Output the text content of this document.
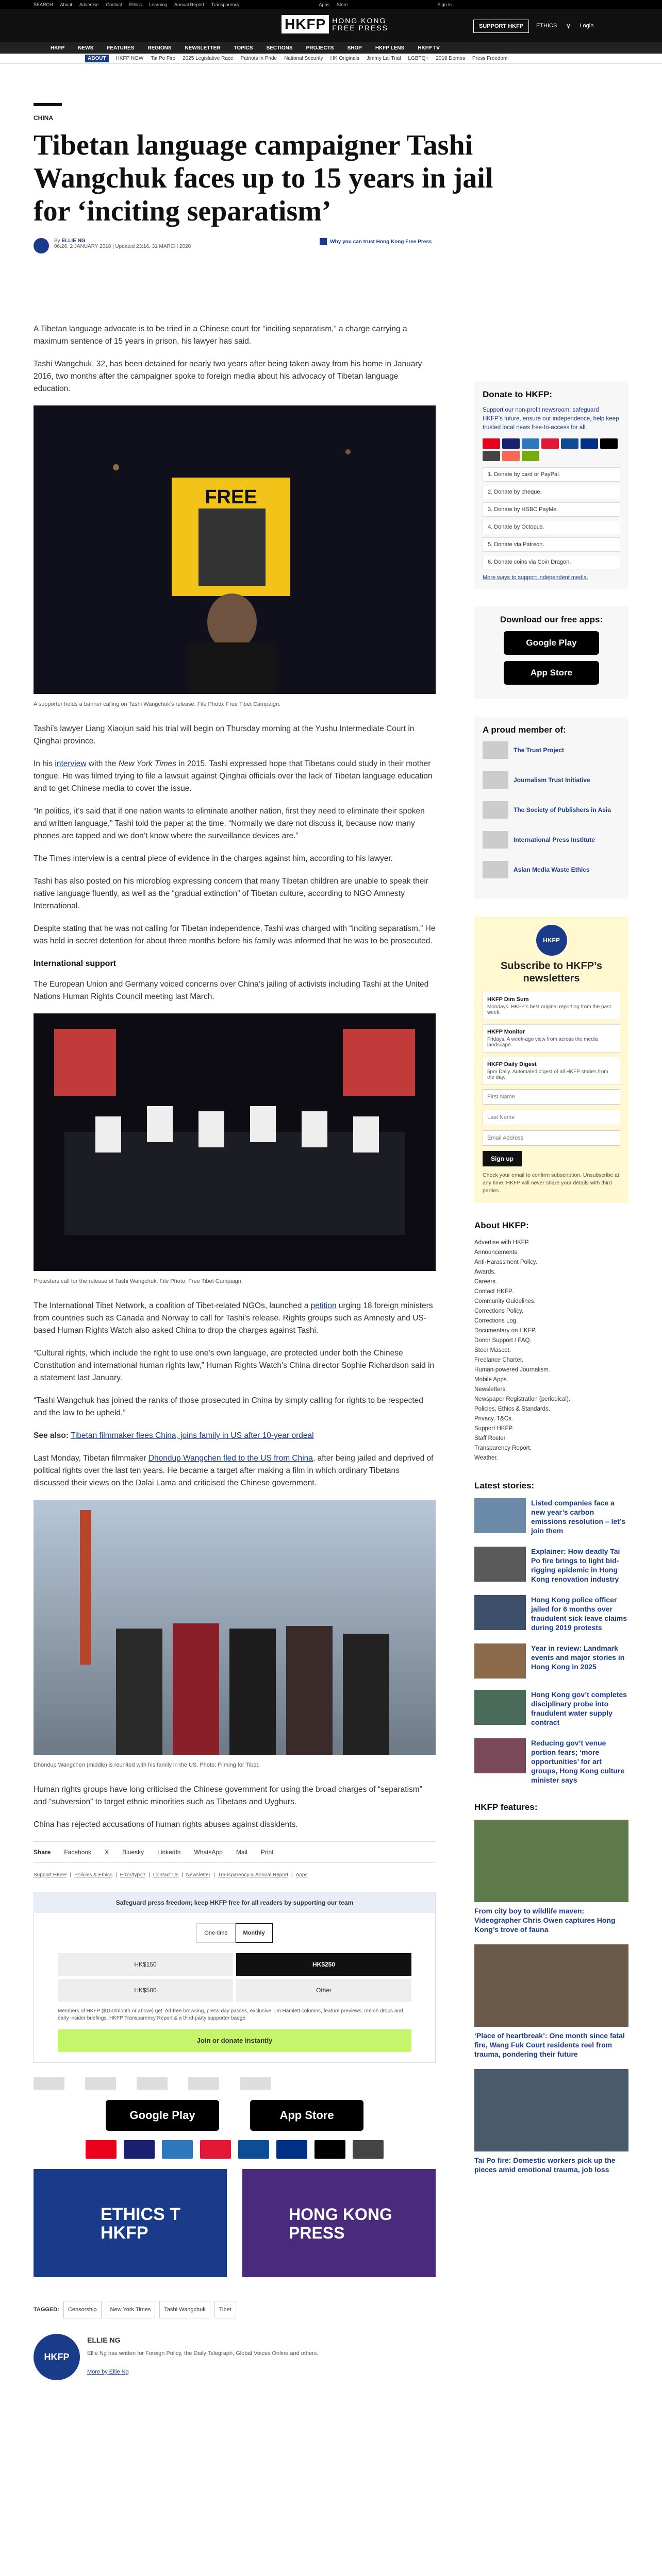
SEARCH About Advertise Contact Ethics Learning Annual Report Transparency	Apps Store	Sign in
HKFP HONG KONG
FREE PRESS	SUPPORT HKFP	ETHICS ⚲ Login
HKFP	NEWS	FEATURES	REGIONS	NEWSLETTER	TOPICS	SECTIONS	PROJECTS	SHOP	HKFP LENS	HKFP TV
ABOUT	HKFP NOW Tai Po Fire 2025 Legislative Race Patriots in Pride National Security HK Originals Jimmy Lai Trial LGBTQ+ 2019 Demos Press Freedom
CHINA
Tibetan language campaigner Tashi Wangchuk faces up to 15 years in jail for ‘inciting separatism’
By ELLIE NG
06:26, 2 JANUARY 2018 | Updated 23:16, 31 MARCH 2020
Why you can trust Hong Kong Free Press

A Tibetan language advocate is to be tried in a Chinese court for “inciting separatism,” a charge carrying a maximum sentence of 15 years in prison, his lawyer has said.

Tashi Wangchuk, 32, has been detained for nearly two years after being taken away from his home in January 2016, two months after the campaigner spoke to foreign media about his advocacy of Tibetan language education.

FREE
A supporter holds a banner calling on Tashi Wangchuk’s release. File Photo: Free Tibet Campaign.

Tashi’s lawyer Liang Xiaojun said his trial will begin on Thursday morning at the Yushu Intermediate Court in Qinghai province.

In his interview with the New York Times in 2015, Tashi expressed hope that Tibetans could study in their mother tongue. He was filmed trying to file a lawsuit against Qinghai officials over the lack of Tibetan language education and to get Chinese media to cover the issue.

“In politics, it’s said that if one nation wants to eliminate another nation, first they need to eliminate their spoken and written language,” Tashi told the paper at the time. “Normally we dare not discuss it, because now many phones are tapped and we don’t know where the surveillance devices are.”

The Times interview is a central piece of evidence in the charges against him, according to his lawyer.

Tashi has also posted on his microblog expressing concern that many Tibetan children are unable to speak their native language fluently, as well as the “gradual extinction” of Tibetan culture, according to NGO Amnesty International.

Despite stating that he was not calling for Tibetan independence, Tashi was charged with “inciting separatism.” He was held in secret detention for about three months before his family was informed that he was to be prosecuted.

International support

The European Union and Germany voiced concerns over China’s jailing of activists including Tashi at the United Nations Human Rights Council meeting last March.

Protesters call for the release of Tashi Wangchuk. File Photo: Free Tibet Campaign.

The International Tibet Network, a coalition of Tibet-related NGOs, launched a petition urging 18 foreign ministers from countries such as Canada and Norway to call for Tashi’s release. Rights groups such as Amnesty and US-based Human Rights Watch also asked China to drop the charges against Tashi.

“Cultural rights, which include the right to use one’s own language, are protected under both the Chinese Constitution and international human rights law,” Human Rights Watch’s China director Sophie Richardson said in a statement last January.

“Tashi Wangchuk has joined the ranks of those prosecuted in China by simply calling for rights to be respected and the law to be upheld.”

See also: Tibetan filmmaker flees China, joins family in US after 10-year ordeal

Last Monday, Tibetan filmmaker Dhondup Wangchen fled to the US from China, after being jailed and deprived of political rights over the last ten years. He became a target after making a film in which ordinary Tibetans discussed their views on the Dalai Lama and criticised the Chinese government.

Dhondup Wangchen (middle) is reunited with his family in the US. Photo: Filming for Tibet.

Human rights groups have long criticised the Chinese government for using the broad charges of “separatism” and “subversion” to target ethnic minorities such as Tibetans and Uyghurs.

China has rejected accusations of human rights abuses against dissidents.

Share Facebook X Bluesky LinkedIn WhatsApp Mail Print
Support HKFP | Policies & Ethics | Error/typo? | Contact Us | Newsletter | Transparency & Annual Report | Apps
Safeguard press freedom; keep HKFP free for all readers by supporting our team
One-time	Monthly
HK$150	HK$250
HK$500	Other
Members of HKFP ($150/month or above) get: Ad-free browsing, press-day passes, exclusive Tim Hamlett columns, feature previews, merch drops and early insider briefings. HKFP Transparency Report & a third-party supporter badge.
Join or donate instantly
Google Play	App Store
ETHICS T HKFP
HONG KONG PRESS
TAGGED:	Censorship	New York Times	Tashi Wangchuk	Tibet
HKFP
ELLIE NG

Ellie Ng has written for Foreign Policy, the Daily Telegraph, Global Voices Online and others.

More by Ellie Ng

Donate to HKFP:

Support our non-profit newsroom: safeguard HKFP’s future, ensure our independence, help keep trusted local news free-to-access for all.

1. Donate by card or PayPal.
2. Donate by cheque.
3. Donate by HSBC PayMe.
4. Donate by Octopus.
5. Donate via Patreon.
6. Donate coins via Coin Dragon.

More ways to support independent media.

Download our free apps:
Google Play
App Store
A proud member of:
The Trust Project
Journalism Trust Initiative
The Society of Publishers in Asia
International Press Institute
Asian Media Waste Ethics
HKFP
Subscribe to HKFP’s newsletters
HKFP Dim Sum
Mondays. HKFP’s best original reporting from the past week.
HKFP Monitor
Fridays. A week-ago view from across the media landscape.
HKFP Daily Digest
5pm Daily. Automated digest of all HKFP stories from the day.
First Name
Last Name
Email Address Sign up

Check your email to confirm subscription. Unsubscribe at any time. HKFP will never share your details with third parties.

About HKFP:
Advertise with HKFP.
Announcements.
Anti-Harassment Policy.
Awards.
Careers.
Contact HKFP.
Community Guidelines.
Corrections Policy.
Corrections Log.
Documentary on HKFP.
Donor Support / FAQ.
Steer Mascot.
Freelance Charter.
Human-powered Journalism.
Mobile Apps.
Newsletters.
Newspaper Registration (periodical).
Policies, Ethics & Standards.
Privacy, T&Cs.
Support HKFP.
Staff Roster.
Transparency Report.
Weather.
Latest stories:
Listed companies face a new year’s carbon emissions resolution – let’s join them
Explainer: How deadly Tai Po fire brings to light bid-rigging epidemic in Hong Kong renovation industry
Hong Kong police officer jailed for 6 months over fraudulent sick leave claims during 2019 protests
Year in review: Landmark events and major stories in Hong Kong in 2025
Hong Kong gov’t completes disciplinary probe into fraudulent water supply contract
Reducing gov’t venue portion fears; ‘more opportunities’ for art groups, Hong Kong culture minister says
HKFP features:
From city boy to wildlife maven: Videographer Chris Owen captures Hong Kong’s trove of fauna
‘Place of heartbreak’: One month since fatal fire, Wang Fuk Court residents reel from trauma, pondering their future
Tai Po fire: Domestic workers pick up the pieces amid emotional trauma, job loss
